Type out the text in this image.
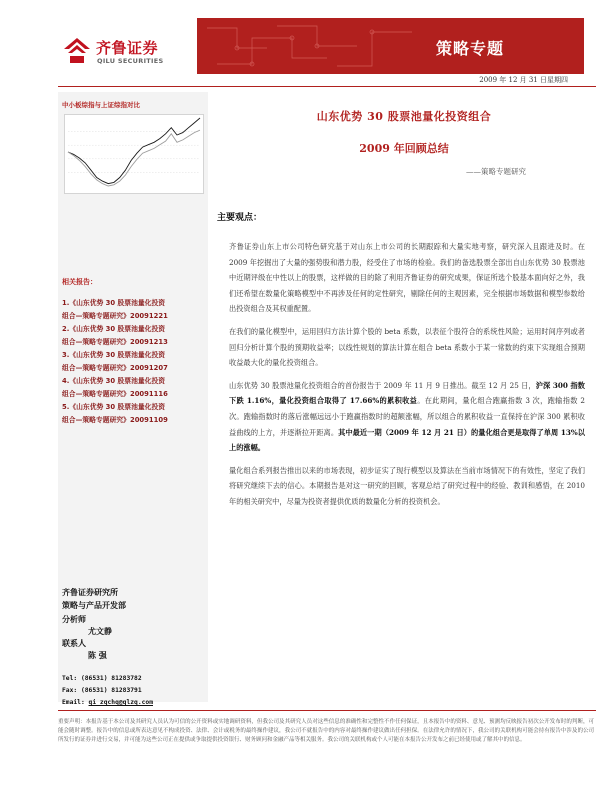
齐鲁证券
QILU SECURITIES
策略专题
2009 年 12 月 31 日星期四
中小板综指与上证综指对比
相关报告：
1.《山东优势 30 股票池量化投资
组合—策略专题研究》20091221
2.《山东优势 30 股票池量化投资
组合—策略专题研究》20091213
3.《山东优势 30 股票池量化投资
组合—策略专题研究》20091207
4.《山东优势 30 股票池量化投资
组合—策略专题研究》20091116
5.《山东优势 30 股票池量化投资
组合—策略专题研究》20091109
齐鲁证券研究所
策略与产品开发部
分析师
尤文静
联系人
陈 强
Tel: (86531) 81283782
Fax: (86531) 81283791
Email: qi_zqchq@qlzq.com
山东优势 30 股票池量化投资组合
2009 年回顾总结
——策略专题研究
主要观点：

齐鲁证券山东上市公司特色研究基于对山东上市公司的长期跟踪和大量实地考察，研究深入且跟进及时。在 2009 年挖掘出了大量的强势股和潜力股，经受住了市场的检验。我们的备选股票全部出自山东优势 30 股票池中近期评级在中性以上的股票，这样做的目的除了利用齐鲁证券的研究成果，保证所选个股基本面向好之外，我们还希望在数量化策略模型中不再涉及任何的定性研究，剔除任何的主观因素，完全根据市场数据和模型参数给出投资组合及其权重配置。

在我们的量化模型中，运用回归方法计算个股的 beta 系数，以表征个股符合的系统性风险；运用时间序列或者回归分析计算个股的预期收益率；以线性规划的算法计算在组合 beta 系数小于某一常数的约束下实现组合预期收益最大化的量化投资组合。

山东优势 30 股票池量化投资组合的首份报告于 2009 年 11 月 9 日推出。截至 12 月 25 日，沪深 300 指数下跌 1.16%，量化投资组合取得了 17.66%的累积收益。在此期间，量化组合跑赢指数 3 次，跑输指数 2 次。跑输指数时的落后涨幅远远小于跑赢指数时的超额涨幅，所以组合的累积收益一直保持在沪深 300 累积收益曲线的上方，并逐渐拉开距离。其中最近一期（2009 年 12 月 21 日）的量化组合更是取得了单周 13%以上的涨幅。

量化组合系列报告推出以来的市场表现，初步证实了现行模型以及算法在当前市场情况下的有效性，坚定了我们将研究继续下去的信心。本期报告是对这一研究的回顾，客观总结了研究过程中的经验、教训和感悟，在 2010 年的相关研究中，尽量为投资者提供优质的数量化分析的投资机会。

重要声明：本报告基于本公司及其研究人员认为可信的公开资料或实地调研资料，但我公司及其研究人员对这些信息的准确性和完整性不作任何保证，且本报告中的资料、意见、预测均反映报告初次公开发布时的判断，可能会随时调整。报告中的信息或所表达意见不构成投资、法律、会计或税务的最终操作建议，我公司不就报告中的内容对最终操作建议做出任何担保。在法律允许的情况下，我公司的关联机构可能会持有报告中涉及的公司所发行的证券并进行交易，并可能为这些公司正在提供或争取提供投资银行、财务顾问和金融产品等相关服务。我公司的关联机构或个人可能在本报告公开发布之前已经使用或了解其中的信息。
